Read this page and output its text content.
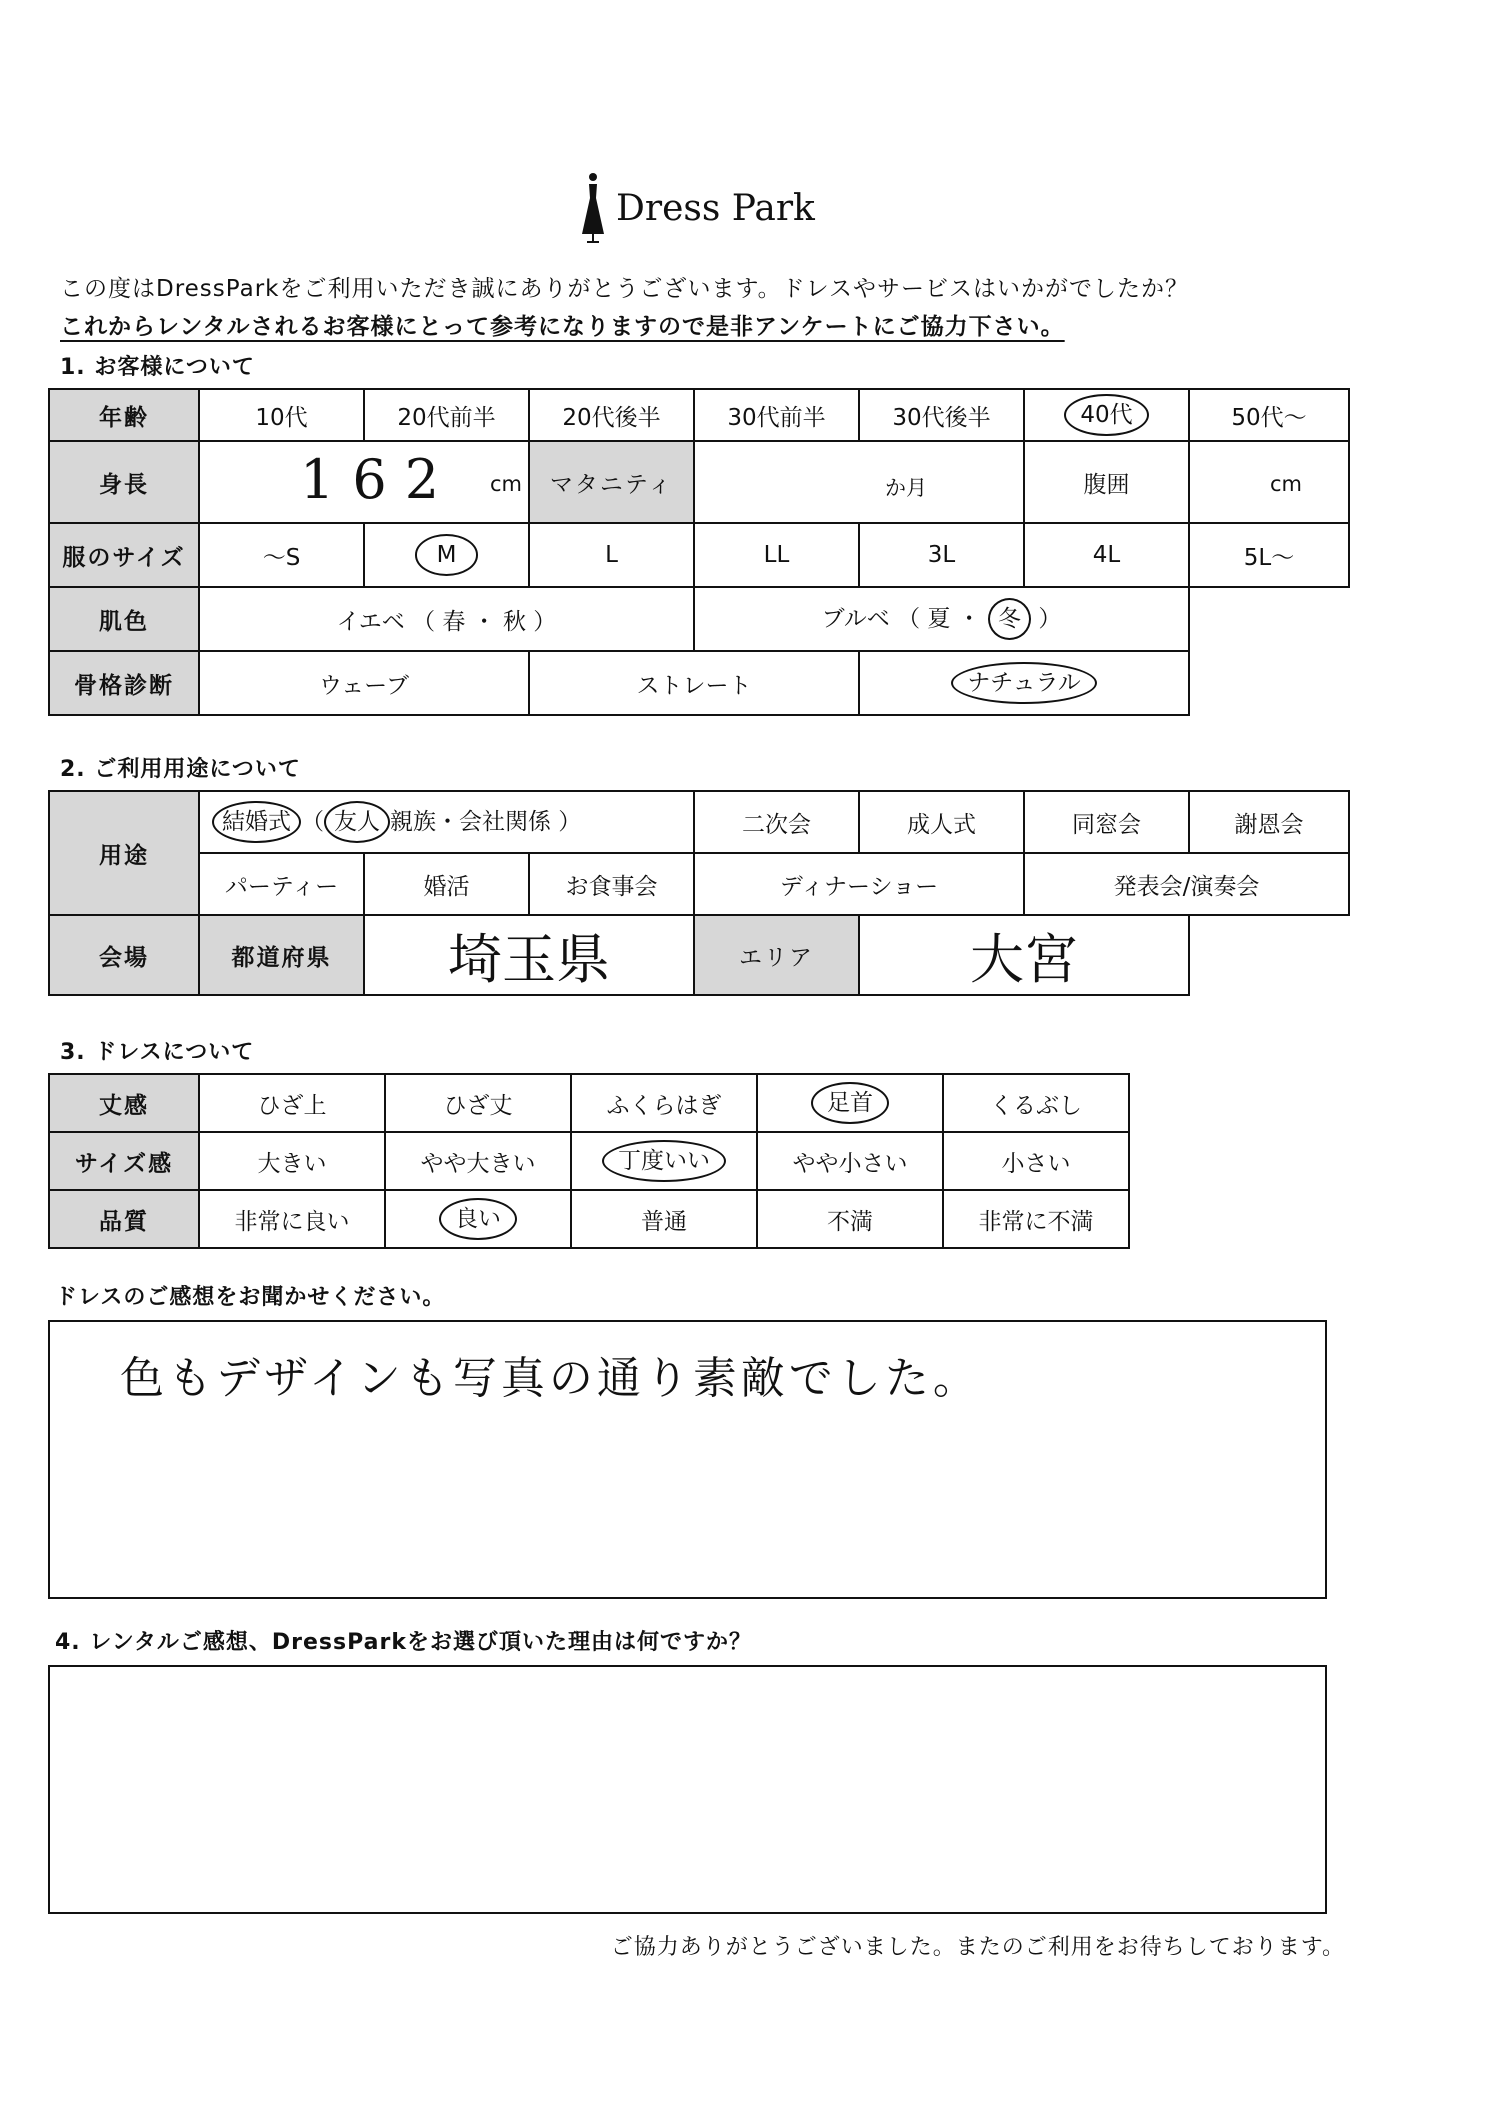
Dress Park
この度はDressParkをご利用いただき誠にありがとうございます。ドレスやサービスはいかがでしたか？
これからレンタルされるお客様にとって参考になりますので是非アンケートにご協力下さい。
1. お客様について
年齢	10代	20代前半	20代後半	30代前半	30代後半	40代	50代～
身長	162 cm		マタニティ	か月		腹囲	cm

服のサイズ	～S	M	L	LL	3L	4L	5L～
肌色	イエベ （ 春 ・ 秋 ）			ブルベ （ 夏 ・ 冬 ）			
骨格診断	ウェーブ		ストレート		ナチュラル		
2. ご利用用途について
用途	結婚式 （ 友人 親族・会社関係 ）			二次会	成人式	同窓会	謝恩会
	パーティー	婚活	お食事会	ディナーショー		発表会/演奏会	
会場	都道府県	埼玉県		エリア	大宮		
3. ドレスについて
丈感	ひざ上	ひざ丈	ふくらはぎ	足首	くるぶし
サイズ感	大きい	やや大きい	丁度いい	やや小さい	小さい
品質	非常に良い	良い	普通	不満	非常に不満
ドレスのご感想をお聞かせください。
色もデザインも写真の通り素敵でした。
4. レンタルご感想、DressParkをお選び頂いた理由は何ですか？
ご協力ありがとうございました。またのご利用をお待ちしております。
